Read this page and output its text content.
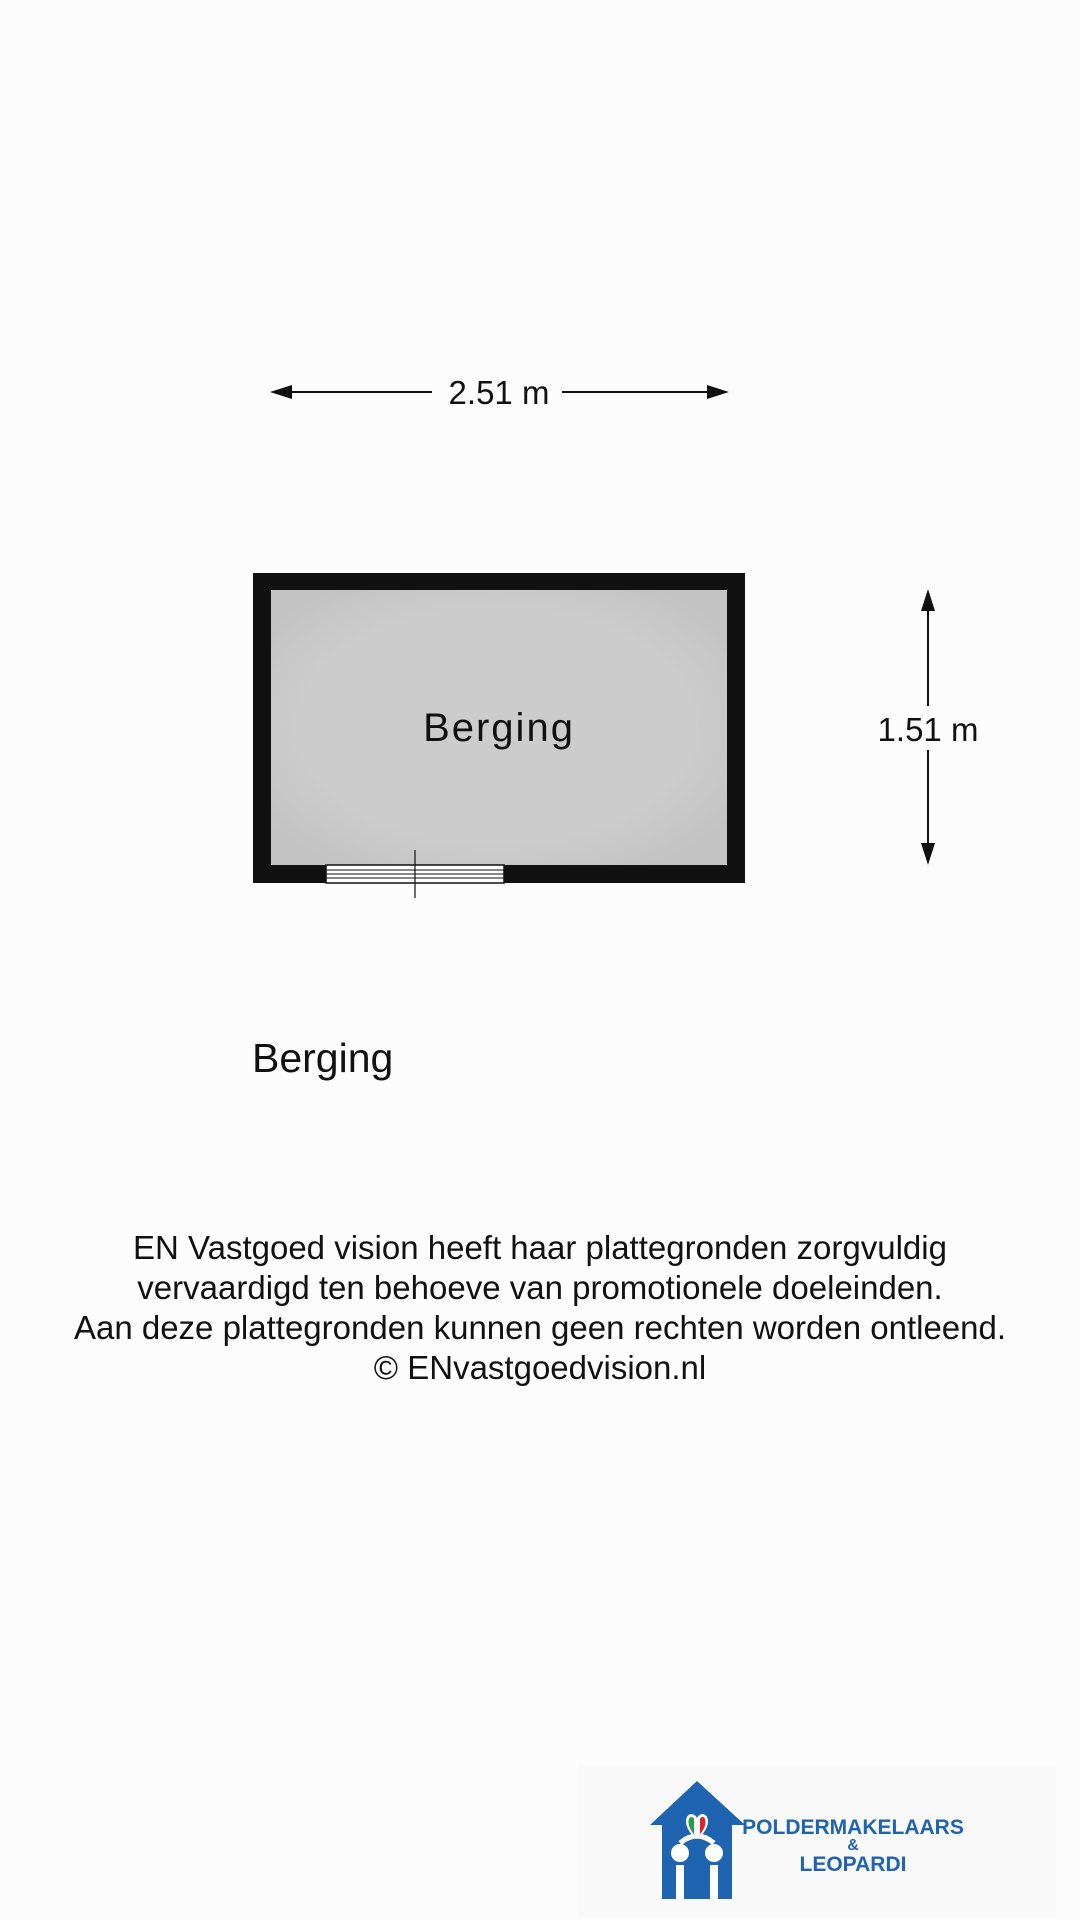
2.51 m
Berging	1.51 m
Berging
EN Vastgoed vision heeft haar plattegronden zorgvuldig
vervaardigd ten behoeve van promotionele doeleinden.
Aan deze plattegronden kunnen geen rechten worden ontleend.
© ENvastgoedvision.nl
POLDERMAKELAARS
&
LEOPARDI
